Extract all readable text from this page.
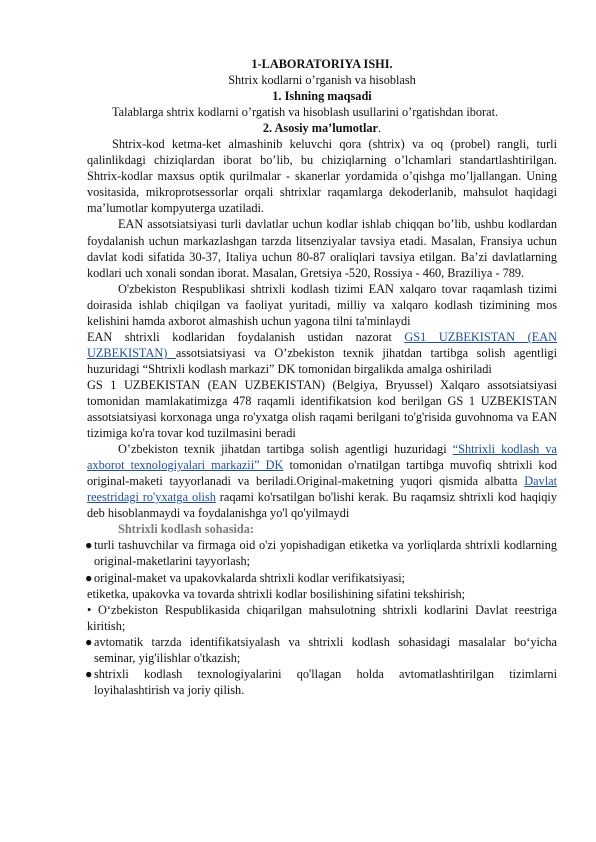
1-LABORATORIYA ISHI.
Shtrix kodlarni o’rganish va hisoblash
1. Ishning maqsadi

Talablarga shtrix kodlarni o’rgatish va hisoblash usullarini o’rgatishdan iborat.

2. Asosiy ma’lumotlar.

Shtrix-kod ketma-ket almashinib keluvchi qora (shtrix) va oq (probel) rangli, turli qalinlikdagi chiziqlardan iborat bo’lib, bu chiziqlarning o’lchamlari standartlashtirilgan. Shtrix-kodlar maxsus optik qurilmalar - skanerlar yordamida o’qishga mo’ljallangan. Uning vositasida, mikroprotsessorlar orqali shtrixlar raqamlarga dekoderlanib, mahsulot haqidagi ma’lumotlar kompyuterga uzatiladi.

EAN assotsiatsiyasi turli davlatlar uchun kodlar ishlab chiqqan bo’lib, ushbu kodlardan foydalanish uchun markazlashgan tarzda litsenziyalar tavsiya etadi. Masalan, Fransiya uchun davlat kodi sifatida 30-37, Italiya uchun 80-87 oraliqlari tavsiya etilgan. Ba’zi davlatlarning kodlari uch xonali sondan iborat. Masalan, Gretsiya -520, Rossiya - 460, Braziliya - 789.

O'zbekiston Respublikasi shtrixli kodlash tizimi EAN xalqaro tovar raqamlash tizimi doirasida ishlab chiqilgan va faoliyat yuritadi, milliy va xalqaro kodlash tizimining mos kelishini hamda axborot almashish uchun yagona tilni ta'minlaydi

EAN shtrixli kodlaridan foydalanish ustidan nazorat GS1 UZBEKISTAN (EAN UZBEKISTAN) assotsiatsiyasi va O’zbekiston texnik jihatdan tartibga solish agentligi huzuridagi “Shtrixli kodlash markazi” DK tomonidan birgalikda amalga oshiriladi

GS 1 UZBEKISTAN (EAN UZBEKISTAN) (Belgiya, Bryussel) Xalqaro assotsiatsiyasi tomonidan mamlakatimizga 478 raqamli identifikatsion kod berilgan GS 1 UZBEKISTAN assotsiatsiyasi korxonaga unga ro'yxatga olish raqami berilgani to'g'risida guvohnoma va EAN tizimiga ko'ra tovar kod tuzilmasini beradi

O’zbekiston texnik jihatdan tartibga solish agentligi huzuridagi “Shtrixli kodlash va axborot texnologiyalari markazii” DK tomonidan o'rnatilgan tartibga muvofiq shtrixli kod original-maketi tayyorlanadi va beriladi.Original-maketning yuqori qismida albatta Davlat reestridagi ro'yxatga olish raqami ko'rsatilgan bo'lishi kerak. Bu raqamsiz shtrixli kod haqiqiy deb hisoblanmaydi va foydalanishga yo'l qo'yilmaydi

Shtrixli kodlash sohasida:
● turli tashuvchilar va firmaga oid o'zi yopishadigan etiketka va yorliqlarda shtrixli kodlarning original-maketlarini tayyorlash;
● original-maket va upakovkalarda shtrixli kodlar verifikatsiyasi;

etiketka, upakovka va tovarda shtrixli kodlar bosilishining sifatini tekshirish;

• O‘zbekiston Respublikasida chiqarilgan mahsulotning shtrixli kodlarini Davlat reestriga kiritish;

● avtomatik tarzda identifikatsiyalash va shtrixli kodlash sohasidagi masalalar bo‘yicha seminar, yig'ilishlar o'tkazish;
● shtrixli kodlash texnologiyalarini qo'llagan holda avtomatlashtirilgan tizimlarni loyihalashtirish va joriy qilish.
